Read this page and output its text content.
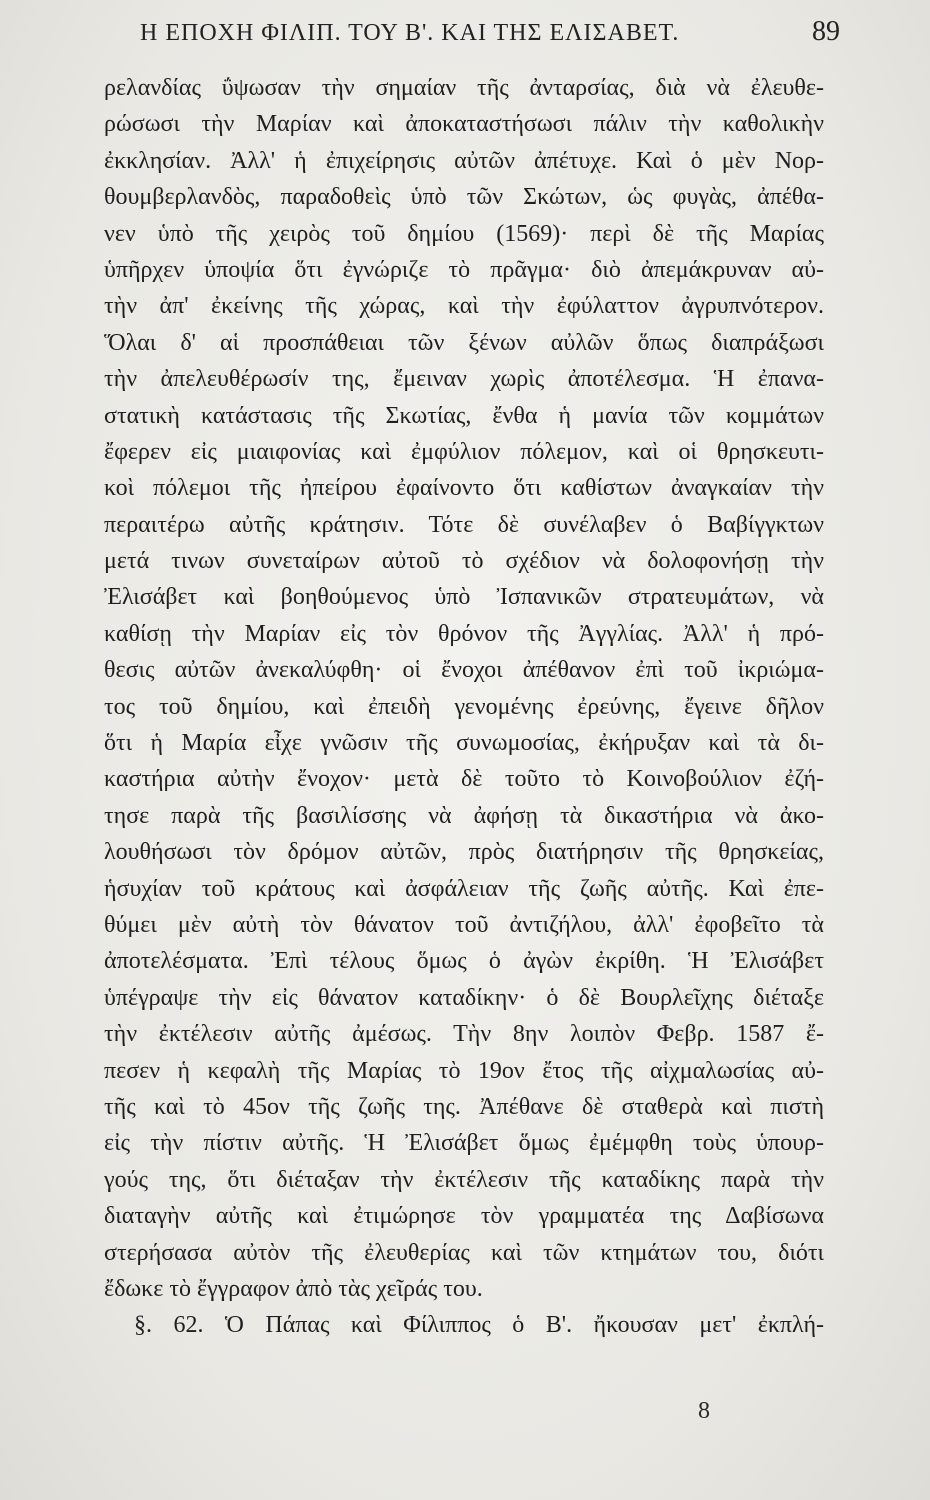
Η ΕΠΟΧΗ ΦΙΛΙΠ. ΤΟΥ Β'. ΚΑΙ ΤΗΣ ΕΛΙΣΑΒΕΤ.	89
ρελανδίας ΰψωσαν τὴν σημαίαν τῆς ἀνταρσίας, διὰ νὰ ἐλευθε-
ρώσωσι τὴν Μαρίαν καὶ ἀποκαταστήσωσι πάλιν τὴν καθολικὴν
ἐκκλησίαν. Ἀλλ' ἡ ἐπιχείρησις αὐτῶν ἀπέτυχε. Καὶ ὁ μὲν Νορ-
θουμβερλανδὸς, παραδοθεὶς ὑπὸ τῶν Σκώτων, ὡς φυγὰς, ἀπέθα-
νεν ὑπὸ τῆς χειρὸς τοῦ δημίου (1569)· περὶ δὲ τῆς Μαρίας
ὑπῆρχεν ὑποψία ὅτι ἐγνώριζε τὸ πρᾶγμα· διὸ ἀπεμάκρυναν αὐ-
τὴν ἀπ' ἐκείνης τῆς χώρας, καὶ τὴν ἐφύλαττον ἀγρυπνότερον.
Ὅλαι δ' αἱ προσπάθειαι τῶν ξένων αὐλῶν ὅπως διαπράξωσι
τὴν ἀπελευθέρωσίν της, ἔμειναν χωρὶς ἀποτέλεσμα. Ἡ ἐπανα-
στατικὴ κατάστασις τῆς Σκωτίας, ἔνθα ἡ μανία τῶν κομμάτων
ἔφερεν εἰς μιαιφονίας καὶ ἐμφύλιον πόλεμον, καὶ οἱ θρησκευτι-
κοὶ πόλεμοι τῆς ἠπείρου ἐφαίνοντο ὅτι καθίστων ἀναγκαίαν τὴν
περαιτέρω αὐτῆς κράτησιν. Τότε δὲ συνέλαβεν ὁ Βαβίγγκτων
μετά τινων συνεταίρων αὐτοῦ τὸ σχέδιον νὰ δολοφονήσῃ τὴν
Ἐλισάβετ καὶ βοηθούμενος ὑπὸ Ἰσπανικῶν στρατευμάτων, νὰ
καθίσῃ τὴν Μαρίαν εἰς τὸν θρόνον τῆς Ἀγγλίας. Ἀλλ' ἡ πρό-
θεσις αὐτῶν ἀνεκαλύφθη· οἱ ἔνοχοι ἀπέθανον ἐπὶ τοῦ ἰκριώμα-
τος τοῦ δημίου, καὶ ἐπειδὴ γενομένης ἐρεύνης, ἔγεινε δῆλον
ὅτι ἡ Μαρία εἶχε γνῶσιν τῆς συνωμοσίας, ἐκήρυξαν καὶ τὰ δι-
καστήρια αὐτὴν ἔνοχον· μετὰ δὲ τοῦτο τὸ Κοινοβούλιον ἐζή-
τησε παρὰ τῆς βασιλίσσης νὰ ἀφήσῃ τὰ δικαστήρια νὰ ἀκο-
λουθήσωσι τὸν δρόμον αὐτῶν, πρὸς διατήρησιν τῆς θρησκείας,
ἡσυχίαν τοῦ κράτους καὶ ἀσφάλειαν τῆς ζωῆς αὐτῆς. Καὶ ἐπε-
θύμει μὲν αὐτὴ τὸν θάνατον τοῦ ἀντιζήλου, ἀλλ' ἐφοβεῖτο τὰ
ἀποτελέσματα. Ἐπὶ τέλους ὅμως ὁ ἀγὼν ἐκρίθη. Ἡ Ἐλισάβετ
ὑπέγραψε τὴν εἰς θάνατον καταδίκην· ὁ δὲ Βουρλεῖχης διέταξε
τὴν ἐκτέλεσιν αὐτῆς ἀμέσως. Τὴν 8ην λοιπὸν Φεβρ. 1587 ἔ-
πεσεν ἡ κεφαλὴ τῆς Μαρίας τὸ 19ον ἔτος τῆς αἰχμαλωσίας αὐ-
τῆς καὶ τὸ 45ον τῆς ζωῆς της. Ἀπέθανε δὲ σταθερὰ καὶ πιστὴ
εἰς τὴν πίστιν αὐτῆς. Ἡ Ἐλισάβετ ὅμως ἐμέμφθη τοὺς ὑπουρ-
γούς της, ὅτι διέταξαν τὴν ἐκτέλεσιν τῆς καταδίκης παρὰ τὴν
διαταγὴν αὐτῆς καὶ ἐτιμώρησε τὸν γραμματέα της Δαβίσωνα
στερήσασα αὐτὸν τῆς ἐλευθερίας καὶ τῶν κτημάτων του, διότι
ἔδωκε τὸ ἔγγραφον ἀπὸ τὰς χεῖράς του.
§. 62. Ὁ Πάπας καὶ Φίλιππος ὁ Β'. ἤκουσαν μετ' ἐκπλή-
8
